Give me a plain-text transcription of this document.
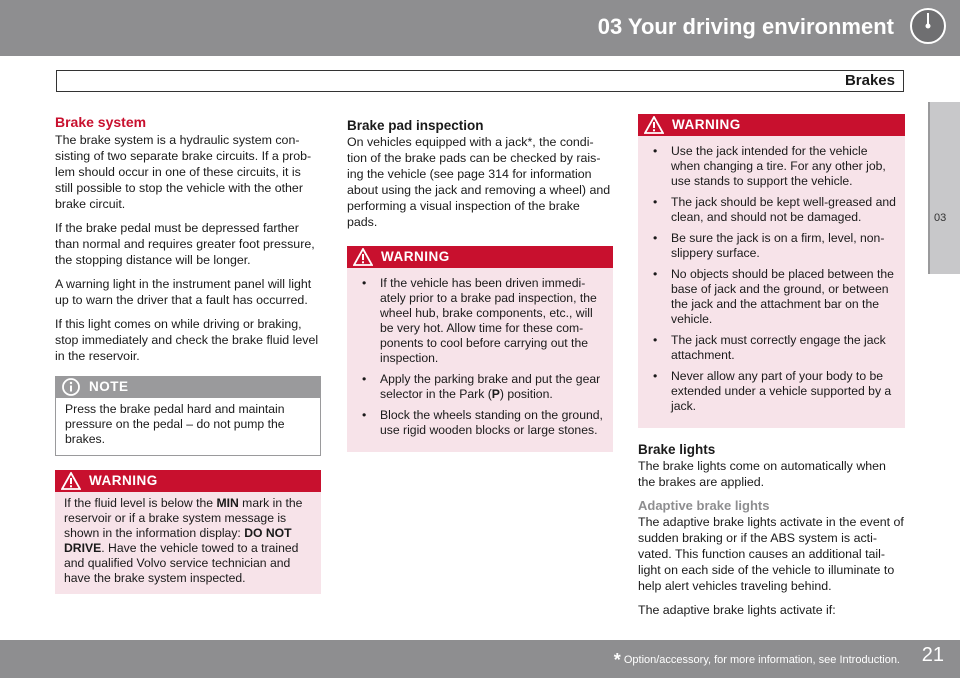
03 Your driving environment
Brakes
03
Brake system

The brake system is a hydraulic system con-sisting of two separate brake circuits. If a prob-lem should occur in one of these circuits, it is still possible to stop the vehicle with the other brake circuit.

If the brake pedal must be depressed farther than normal and requires greater foot pressure, the stopping distance will be longer.

A warning light in the instrument panel will light up to warn the driver that a fault has occurred.

If this light comes on while driving or braking, stop immediately and check the brake fluid level in the reservoir.

NOTE
Press the brake pedal hard and maintain pressure on the pedal – do not pump the brakes.
WARNING
If the fluid level is below the MIN mark in the reservoir or if a brake system message is shown in the information display: DO NOT DRIVE. Have the vehicle towed to a trained and qualified Volvo service technician and have the brake system inspected.
Brake pad inspection

On vehicles equipped with a jack*, the condi-tion of the brake pads can be checked by rais-ing the vehicle (see page 314 for information about using the jack and removing a wheel) and performing a visual inspection of the brake pads.

WARNING
• If the vehicle has been driven immedi-ately prior to a brake pad inspection, the wheel hub, brake components, etc., will be very hot. Allow time for these com-ponents to cool before carrying out the inspection.
• Apply the parking brake and put the gear selector in the Park (P) position.
• Block the wheels standing on the ground, use rigid wooden blocks or large stones.
WARNING
• Use the jack intended for the vehicle when changing a tire. For any other job, use stands to support the vehicle.
• The jack should be kept well-greased and clean, and should not be damaged.
• Be sure the jack is on a firm, level, non-slippery surface.
• No objects should be placed between the base of jack and the ground, or between the jack and the attachment bar on the vehicle.
• The jack must correctly engage the jack attachment.
• Never allow any part of your body to be extended under a vehicle supported by a jack.
Brake lights

The brake lights come on automatically when the brakes are applied.

Adaptive brake lights

The adaptive brake lights activate in the event of sudden braking or if the ABS system is acti-vated. This function causes an additional tail-light on each side of the vehicle to illuminate to help alert vehicles traveling behind.

The adaptive brake lights activate if:

* Option/accessory, for more information, see Introduction. 21
